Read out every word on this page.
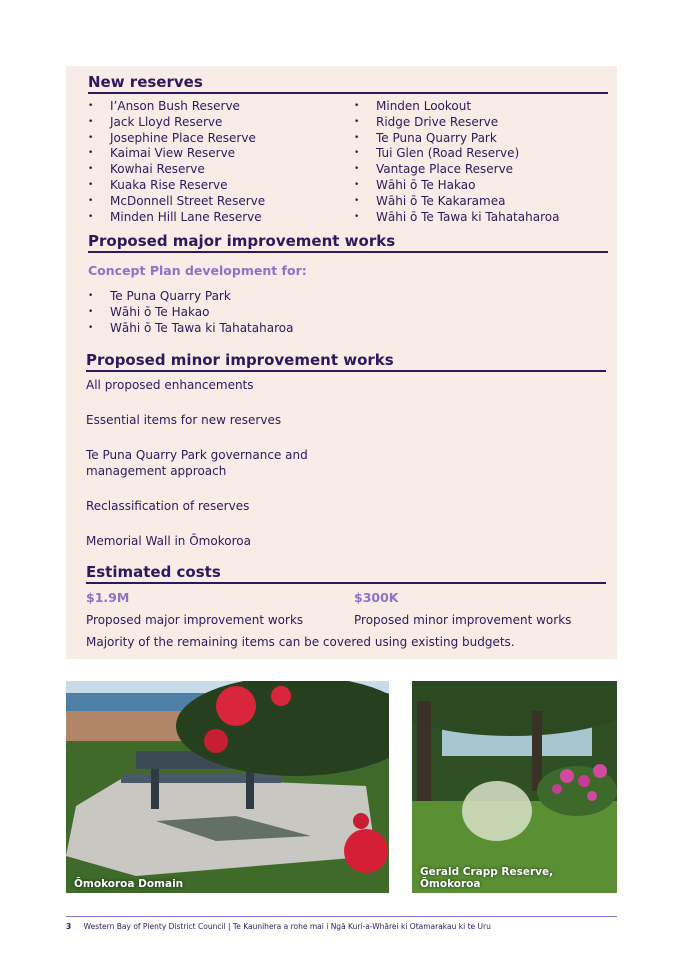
New reserves
• I’Anson Bush Reserve
• Jack Lloyd Reserve
• Josephine Place Reserve
• Kaimai View Reserve
• Kowhai Reserve
• Kuaka Rise Reserve
• McDonnell Street Reserve
• Minden Hill Lane Reserve
• Minden Lookout
• Ridge Drive Reserve
• Te Puna Quarry Park
• Tui Glen (Road Reserve)
• Vantage Place Reserve
• Wāhi ō Te Hakao
• Wāhi ō Te Kakaramea
• Wāhi ō Te Tawa ki Tahataharoa
Proposed major improvement works
Concept Plan development for:
• Te Puna Quarry Park
• Wāhi ō Te Hakao
• Wāhi ō Te Tawa ki Tahataharoa
Proposed minor improvement works
All proposed enhancements
Essential items for new reserves
Te Puna Quarry Park governance and management approach
Reclassification of reserves
Memorial Wall in Ōmokoroa
Estimated costs
$1.9M
Proposed major improvement works
$300K
Proposed minor improvement works
Majority of the remaining items can be covered using existing budgets.
Ōmokoroa Domain
Gerald Crapp Reserve, Ōmokoroa
3 Western Bay of Plenty District Council | Te Kaunihera a rohe mai i Ngā Kuri-a-Whārei ki Otamarakau ki te Uru
